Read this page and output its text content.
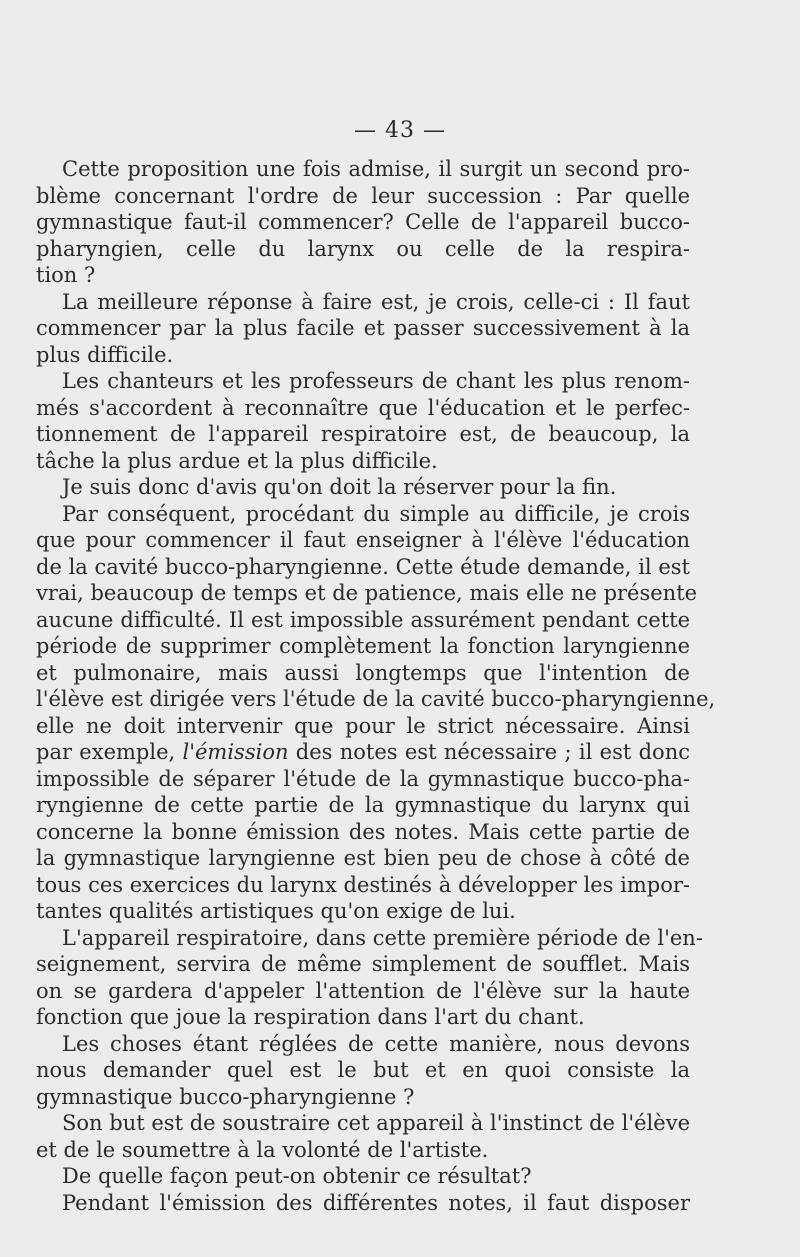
— 43 —
Cette proposition une fois admise, il surgit un second pro-
blème concernant l'ordre de leur succession : Par quelle
gymnastique faut-il commencer? Celle de l'appareil bucco-
pharyngien, celle du larynx ou celle de la respira-
tion ?
La meilleure réponse à faire est, je crois, celle-ci : Il faut
commencer par la plus facile et passer successivement à la
plus difficile.
Les chanteurs et les professeurs de chant les plus renom-
més s'accordent à reconnaître que l'éducation et le perfec-
tionnement de l'appareil respiratoire est, de beaucoup, la
tâche la plus ardue et la plus difficile.
Je suis donc d'avis qu'on doit la réserver pour la fin.
Par conséquent, procédant du simple au difficile, je crois
que pour commencer il faut enseigner à l'élève l'éducation
de la cavité bucco-pharyngienne. Cette étude demande, il est
vrai, beaucoup de temps et de patience, mais elle ne présente
aucune difficulté. Il est impossible assurément pendant cette
période de supprimer complètement la fonction laryngienne
et pulmonaire, mais aussi longtemps que l'intention de
l'élève est dirigée vers l'étude de la cavité bucco-pharyngienne,
elle ne doit intervenir que pour le strict nécessaire. Ainsi
par exemple, l'émission des notes est nécessaire ; il est donc
impossible de séparer l'étude de la gymnastique bucco-pha-
ryngienne de cette partie de la gymnastique du larynx qui
concerne la bonne émission des notes. Mais cette partie de
la gymnastique laryngienne est bien peu de chose à côté de
tous ces exercices du larynx destinés à développer les impor-
tantes qualités artistiques qu'on exige de lui.
L'appareil respiratoire, dans cette première période de l'en-
seignement, servira de même simplement de soufflet. Mais
on se gardera d'appeler l'attention de l'élève sur la haute
fonction que joue la respiration dans l'art du chant.
Les choses étant réglées de cette manière, nous devons
nous demander quel est le but et en quoi consiste la
gymnastique bucco-pharyngienne ?
Son but est de soustraire cet appareil à l'instinct de l'élève
et de le soumettre à la volonté de l'artiste.
De quelle façon peut-on obtenir ce résultat?
Pendant l'émission des différentes notes, il faut disposer
